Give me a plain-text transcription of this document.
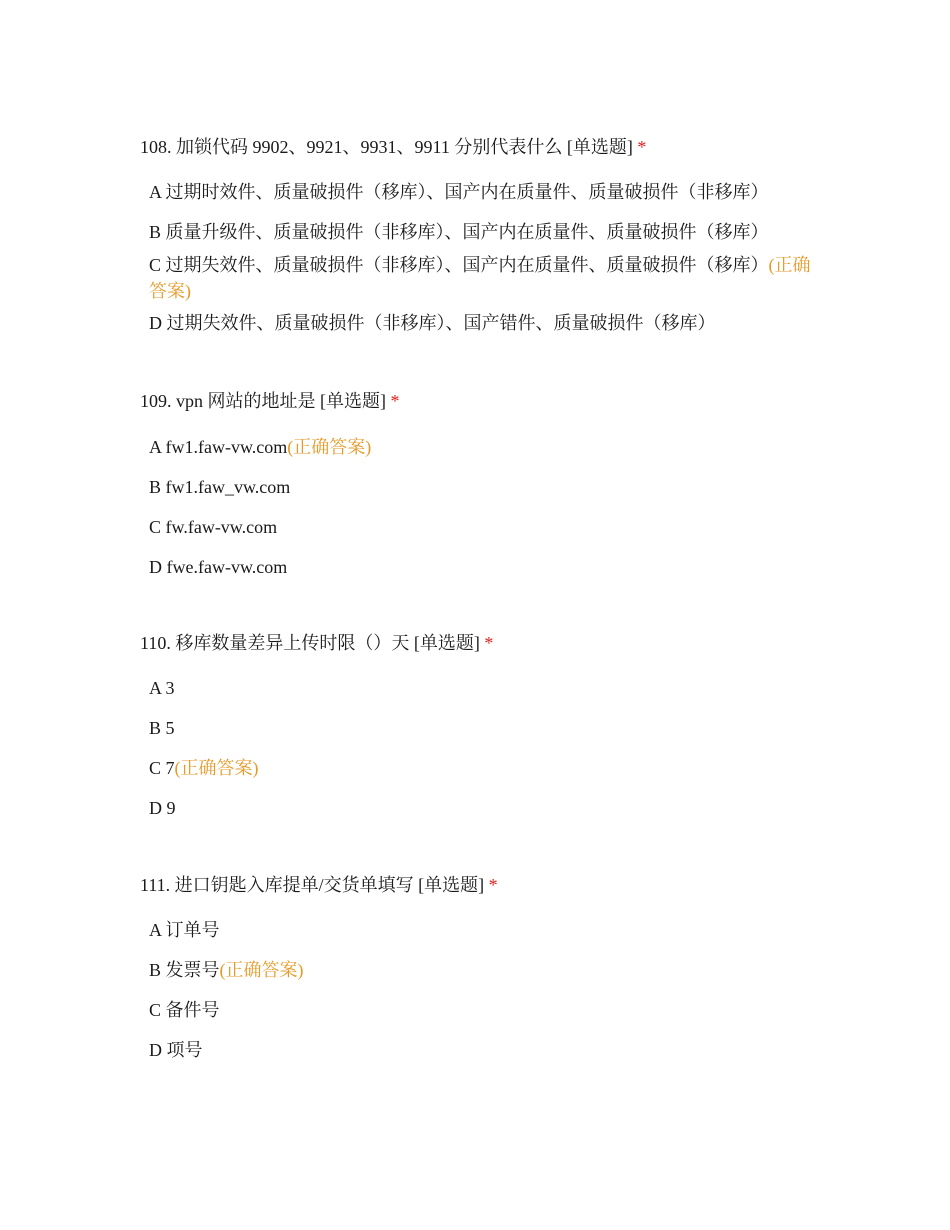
108. 加锁代码 9902、9921、9931、9911 分别代表什么 [单选题] *
A 过期时效件、质量破损件（移库）、国产内在质量件、质量破损件（非移库）
B 质量升级件、质量破损件（非移库）、国产内在质量件、质量破损件（移库）
C 过期失效件、质量破损件（非移库）、国产内在质量件、质量破损件（移库）(正确答案)
D 过期失效件、质量破损件（非移库）、国产错件、质量破损件（移库）
109. vpn 网站的地址是 [单选题] *
A fw1.faw-vw.com(正确答案)
B fw1.faw_vw.com
C fw.faw-vw.com
D fwe.faw-vw.com
110. 移库数量差异上传时限（）天 [单选题] *
A 3
B 5
C 7(正确答案)
D 9
111. 进口钥匙入库提单/交货单填写 [单选题] *
A 订单号
B 发票号(正确答案)
C 备件号
D 项号
